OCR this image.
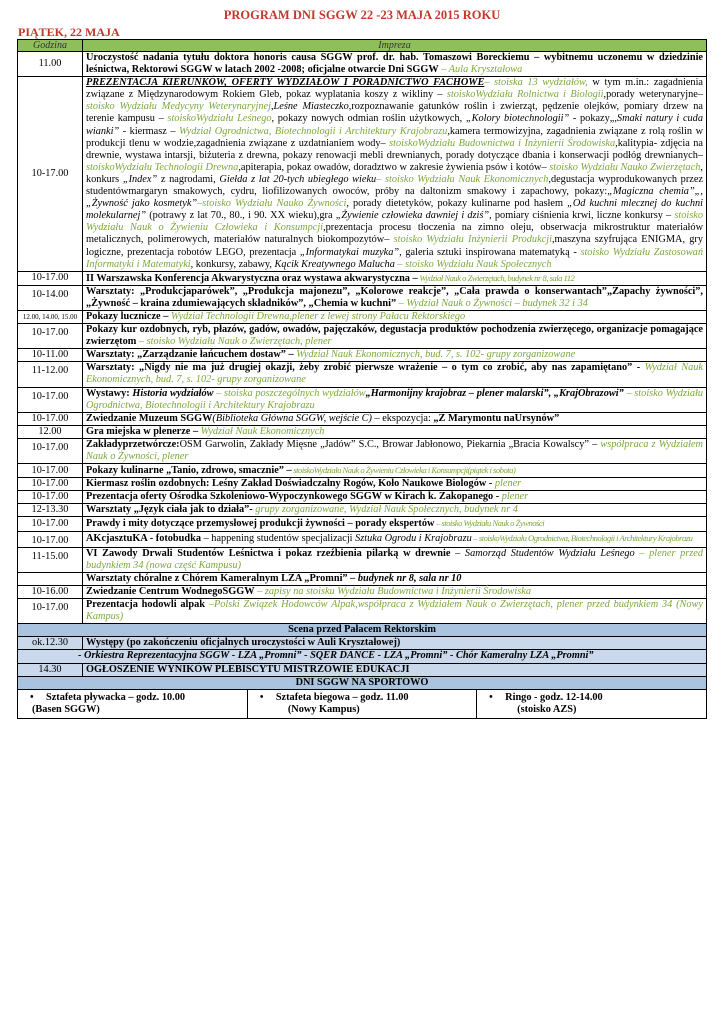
PROGRAM DNI SGGW 22 -23 MAJA 2015 ROKU
PIĄTEK, 22 MAJA
Godzina	Impreza
11.00	Uroczystość nadania tytułu doktora honoris causa SGGW prof. dr. hab. Tomaszowi Boreckiemu – wybitnemu uczonemu w dziedzinie leśnictwa, Rektorowi SGGW w latach 2002 -2008; oficjalne otwarcie Dni SGGW – Aula Kryształowa
10-17.00	PREZENTACJA KIERUNKÓW, OFERTY WYDZIAŁÓW I PORADNICTWO FACHOWE– stoiska 13 wydziałów, w tym m.in.: zagadnienia związane z Międzynarodowym Rokiem Gleb, pokaz wyplatania koszy z wikliny – stoiskoWydziału Rolnictwa i Biologii,porady weterynaryjne– stoisko Wydziału Medycyny Weterynaryjnej,Leśne Miasteczko,rozpoznawanie gatunków roślin i zwierząt, pędzenie olejków, pomiary drzew na terenie kampusu – stoiskoWydziału Leśnego, pokazy nowych odmian roślin użytkowych, „Kolory biotechnologii” - pokazy„,Smaki natury i cuda wianki” - kiermasz – Wydział Ogrodnictwa, Biotechnologii i Architektury Krajobrazu,kamera termowizyjna, zagadnienia związane z rolą roślin w produkcji tlenu w wodzie,zagadnienia związane z uzdatnianiem wody– stoiskoWydziału Budownictwa i Inżynierii Środowiska,kalitypia- zdjęcia na drewnie, wystawa intarsji, biżuteria z drewna, pokazy renowacji mebli drewnianych, porady dotyczące dbania i konserwacji podłóg drewnianych– stoiskoWydziału Technologii Drewna,apiterapia, pokaz owadów, doradztwo w zakresie żywienia psów i kotów– stoisko Wydziału Nauko Zwierzętach, konkurs „Index” z nagrodami, Giełda z lat 20-tych ubiegłego wieku– stoisko Wydziału Nauk Ekonomicznych,degustacja wyprodukowanych przez studentówmargaryn smakowych, cydru, liofilizowanych owoców, próby na daltonizm smakowy i zapachowy, pokazy:„Magiczna chemia”„,„Żywność jako kosmetyk”–stoisko Wydziału Nauko Żywności, porady dietetyków, pokazy kulinarne pod hasłem „Od kuchni mlecznej do kuchni molekularnej” (potrawy z lat 70., 80., i 90. XX wieku),gra „Żywienie człowieka dawniej i dziś”, pomiary ciśnienia krwi, liczne konkursy – stoisko Wydziału Nauk o Żywieniu Człowieka i Konsumpcji,prezentacja procesu tłoczenia na zimno oleju, obserwacja mikrostruktur materiałów metalicznych, polimerowych, materiałów naturalnych biokompozytów– stoisko Wydziału Inżynierii Produkcji,maszyna szyfrująca ENIGMA, gry logiczne, prezentacja robotów LEGO, prezentacja „Informatykai muzyka”, galeria sztuki inspirowana matematyką - stoisko Wydziału Zastosowań Informatyki i Matematyki, konkursy, zabawy, Kącik Kreatywnego Malucha – stoisko Wydziału Nauk Społecznych
10-17.00	II Warszawska Konferencja Akwarystyczna oraz wystawa akwarystyczna – Wydział Nauk o Zwierzętach, budynek nr 8, sala 112
10-14.00	Warsztaty: „Produkcjaparówek”, „Produkcja majonezu”, „Kolorowe reakcje”, „Cała prawda o konserwantach”„Zapachy żywności”, „Żywność – kraina zdumiewających składników”, „Chemia w kuchni” – Wydział Nauk o Żywności – budynek 32 i 34
12.00, 14.00, 15.00	Pokazy lucznicze – Wydział Technologii Drewna,plener z lewej strony Pałacu Rektorskiego
10-17.00	Pokazy kur ozdobnych, ryb, płazów, gadów, owadów, pajęczaków, degustacja produktów pochodzenia zwierzęcego, organizacje pomagające zwierzętom – stoisko Wydziału Nauk o Zwierzętach, plener
10-11.00	Warsztaty: „Zarządzanie łańcuchem dostaw” – Wydział Nauk Ekonomicznych, bud. 7, s. 102- grupy zorganizowane
11-12.00	Warsztaty: „Nigdy nie ma już drugiej okazji, żeby zrobić pierwsze wrażenie – o tym co zrobić, aby nas zapamiętano” - Wydział Nauk Ekonomicznych, bud. 7, s. 102- grupy zorganizowane
10-17.00	Wystawy: Historia wydziałów – stoiska poszczególnych wydziałów„Harmonijny krajobraz – plener malarski”, „KrajObrazowi” – stoisko Wydziału Ogrodnictwa, Biotechnologii i Architektury Krajobrazu
10-17.00	Zwiedzanie Muzeum SGGW(Biblioteka Główna SGGW, wejście C) – ekspozycja: „Z Marymontu naUrsynów”
12.00	Gra miejska w plenerze – Wydział Nauk Ekonomicznych
10-17.00	Zakładyprzetwórcze:OSM Garwolin, Zakłady Mięsne „Jadów” S.C., Browar Jabłonowo, Piekarnia „Bracia Kowalscy” – współpraca z Wydziałem Nauk o Żywności, plener
10-17.00	Pokazy kulinarne „Tanio, zdrowo, smacznie” – stoiskoWydziału Nauk o Żywieniu Człowieka i Konsumpcji(piątek i sobota)
10-17.00	Kiermasz roślin ozdobnych: Leśny Zakład Doświadczalny Rogów, Koło Naukowe Biologów - plener
10-17.00	Prezentacja oferty Ośrodka Szkoleniowo-Wypoczynkowego SGGW w Kirach k. Zakopanego - plener
12-13.30	Warsztaty „Język ciała jak to działa”- grupy zorganizowane, Wydział Nauk Społecznych, budynek nr 4
10-17.00	Prawdy i mity dotyczące przemysłowej produkcji żywności – porady ekspertów – stoisko Wydziału Nauk o Żywności
10-17.00	AKcjasztuKA - fotobudka – happening studentów specjalizacji Sztuka Ogrodu i Krajobrazu – stoiskoWydziału Ogrodnictwa, Biotechnologii i Architektury Krajobrazu
11-15.00	VI Zawody Drwali Studentów Leśnictwa i pokaz rzeźbienia pilarką w drewnie – Samorząd Studentów Wydziału Leśnego – plener przed budynkiem 34 (nowa część Kampusu)
	Warsztaty chóralne z Chórem Kameralnym LZA „Promni” – budynek nr 8, sala nr 10
10-16.00	Zwiedzanie Centrum WodnegoSGGW – zapisy na stoisku Wydziału Budownictwa i Inżynierii Środowiska
10-17.00	Prezentacja hodowli alpak –Polski Związek Hodowców Alpak,współpraca z Wydziałem Nauk o Zwierzętach, plener przed budynkiem 34 (Nowy Kampus)
Scena przed Pałacem Rektorskim
ok.12.30	Występy (po zakończeniu oficjalnych uroczystości w Auli Kryształowej)
- Orkiestra Reprezentacyjna SGGW - LZA „Promni” - SQER DANCE - LZA „Promni” - Chór Kameralny LZA „Promni”
14.30	OGŁOSZENIE WYNIKÓW PLEBISCYTU MISTRZOWIE EDUKACJI
DNI SGGW NA SPORTOWO

• Sztafeta pływacka – godz. 10.00
(Basen SGGW)

• Sztafeta biegowa – godz. 11.00
(Nowy Kampus)

• Ringo - godz. 12-14.00
(stoisko AZS)
